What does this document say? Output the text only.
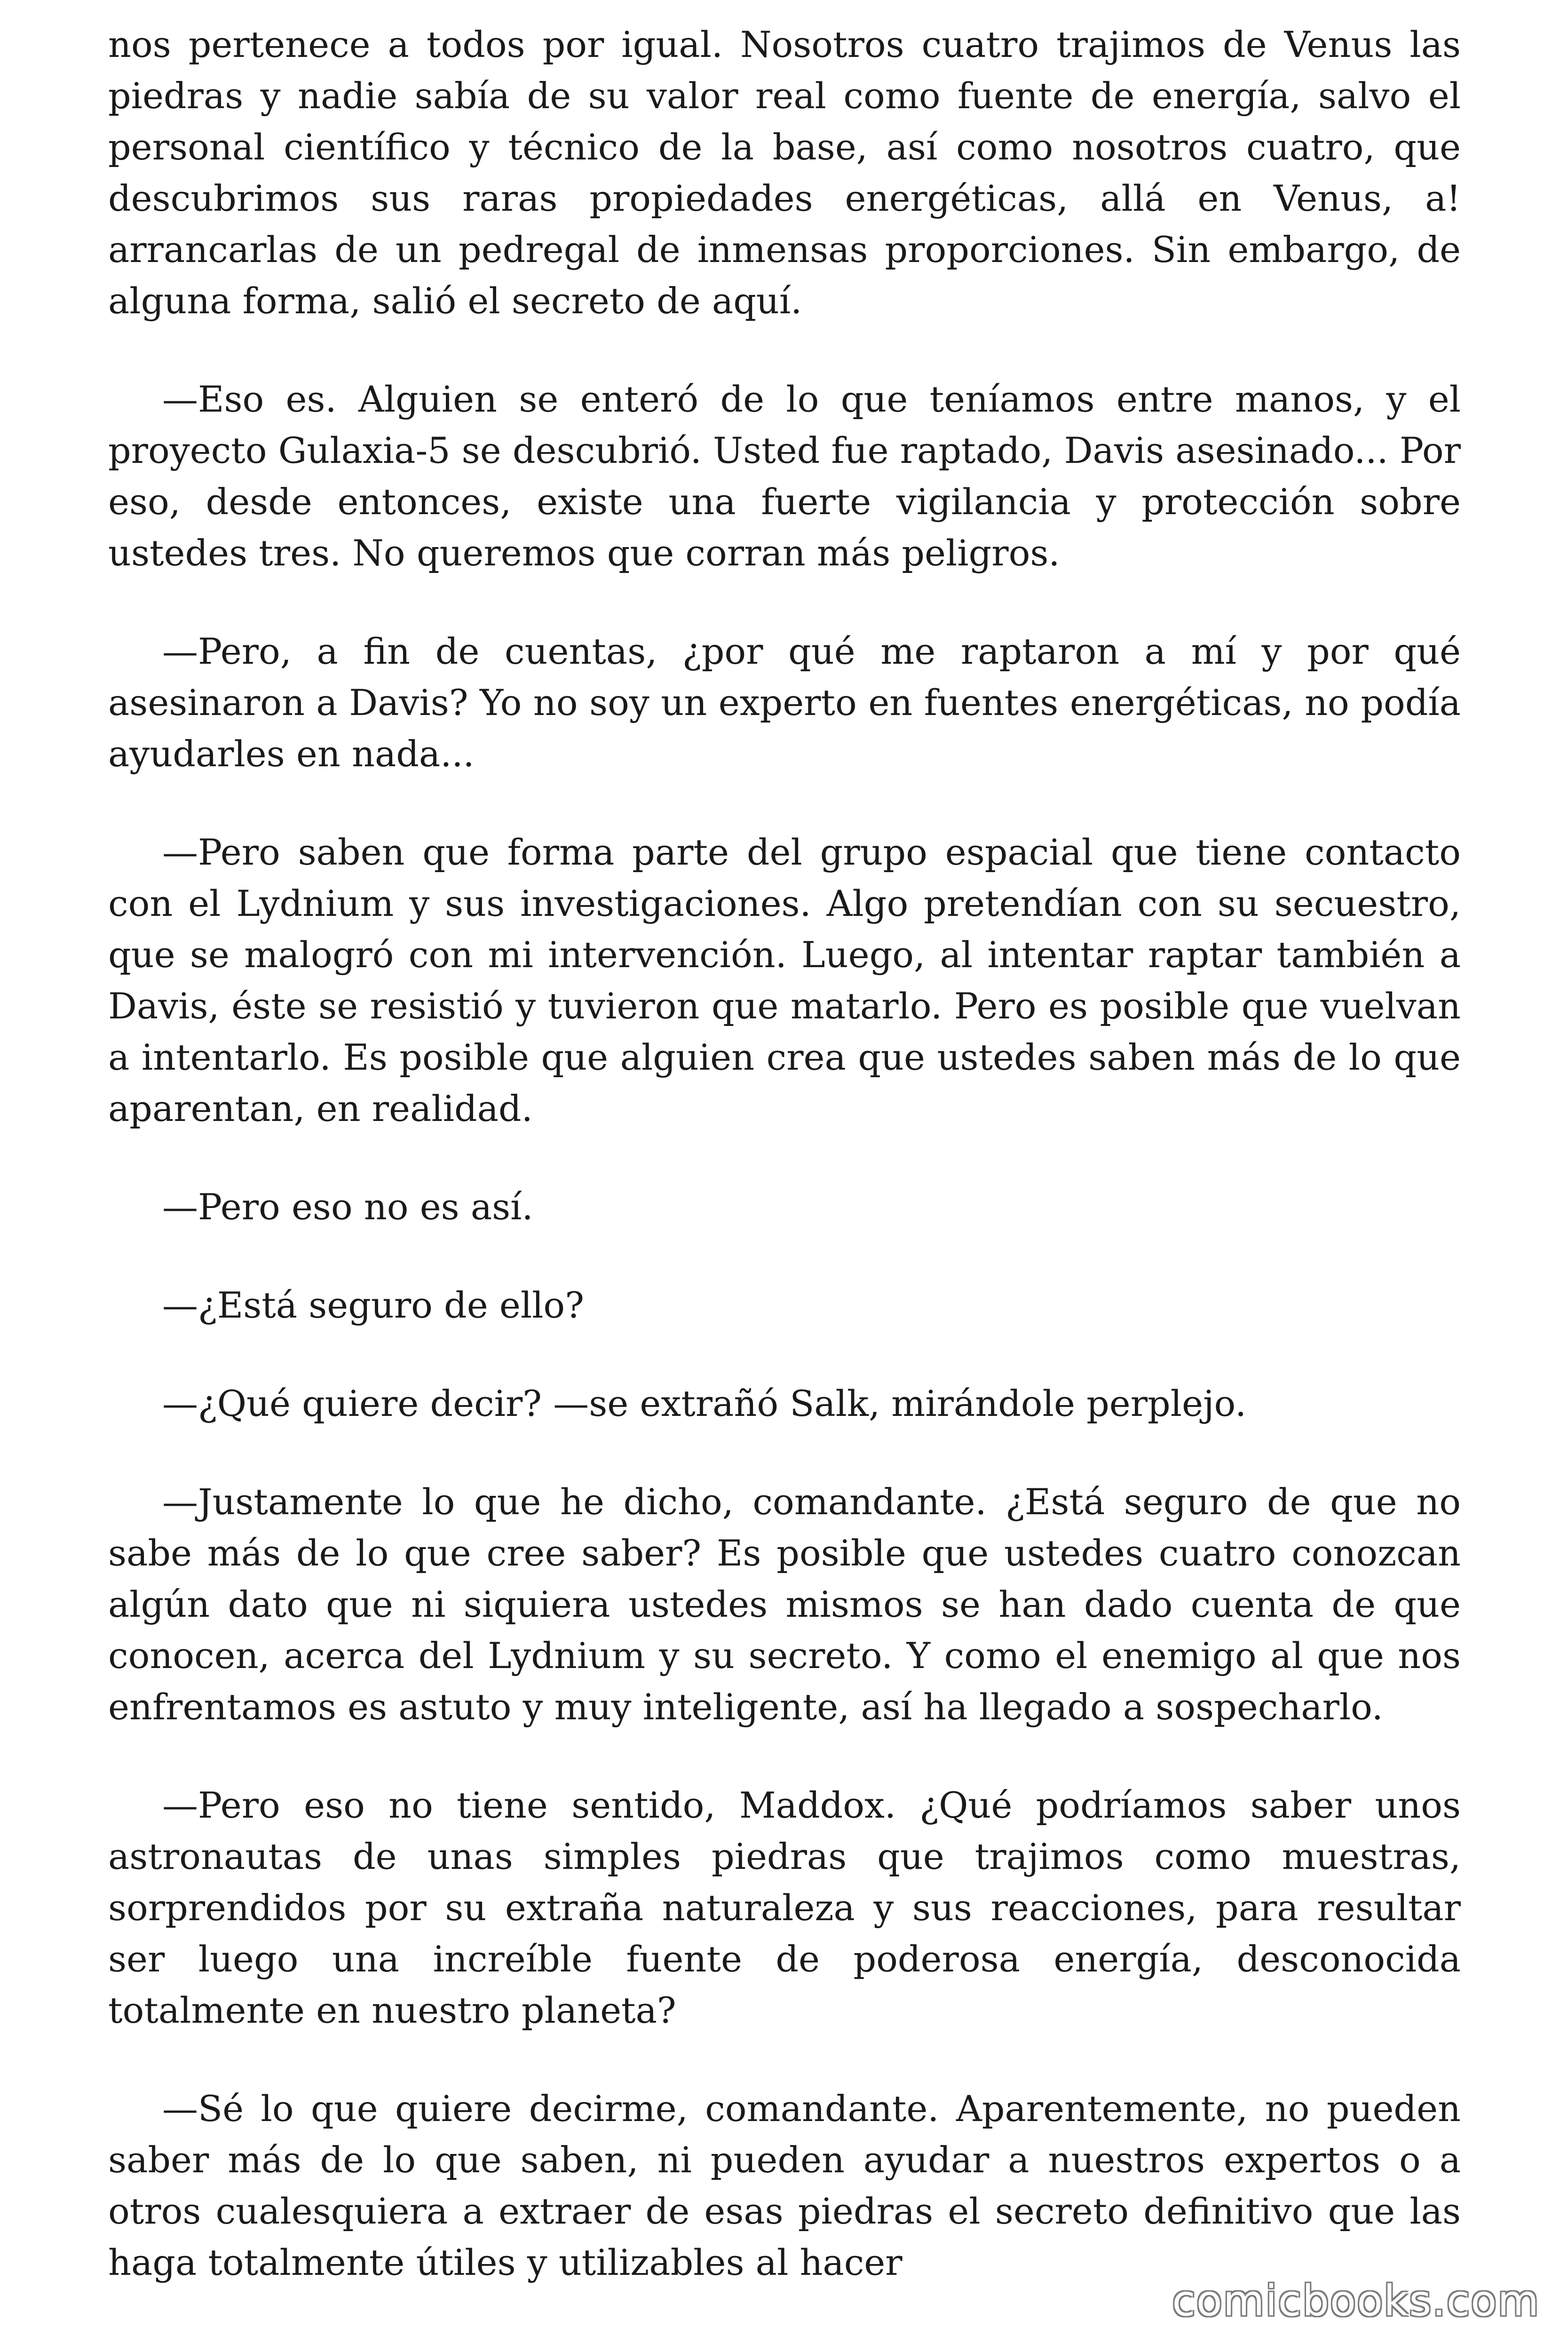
nos pertenece a todos por igual. Nosotros cuatro trajimos de Venus las piedras y nadie sabía de su valor real como fuente de energía, salvo el personal científico y técnico de la base, así como nosotros cuatro, que descubrimos sus raras propiedades energéticas, allá en Venus, a! arrancarlas de un pedregal de inmensas proporciones. Sin embargo, de alguna forma, salió el secreto de aquí.

—Eso es. Alguien se enteró de lo que teníamos entre manos, y el proyecto Gulaxia-5 se descubrió. Usted fue raptado, Davis asesinado... Por eso, desde entonces, existe una fuerte vigilancia y protección sobre ustedes tres. No queremos que corran más peligros.

—Pero, a fin de cuentas, ¿por qué me raptaron a mí y por qué asesinaron a Davis? Yo no soy un experto en fuentes energéticas, no podía ayudarles en nada...

—Pero saben que forma parte del grupo espacial que tiene contacto con el Lydnium y sus investigaciones. Algo pretendían con su secuestro, que se malogró con mi intervención. Luego, al intentar raptar también a Davis, éste se resistió y tuvieron que matarlo. Pero es posible que vuelvan a intentarlo. Es posible que alguien crea que ustedes saben más de lo que aparentan, en realidad.

—Pero eso no es así.

—¿Está seguro de ello?

—¿Qué quiere decir? —se extrañó Salk, mirándole perplejo.

—Justamente lo que he dicho, comandante. ¿Está seguro de que no sabe más de lo que cree saber? Es posible que ustedes cuatro conozcan algún dato que ni siquiera ustedes mismos se han dado cuenta de que conocen, acerca del Lydnium y su secreto. Y como el enemigo al que nos enfrentamos es astuto y muy inteligente, así ha llegado a sospecharlo.

—Pero eso no tiene sentido, Maddox. ¿Qué podríamos saber unos astronautas de unas simples piedras que trajimos como muestras, sorprendidos por su extraña naturaleza y sus reacciones, para resultar ser luego una increíble fuente de poderosa energía, desconocida totalmente en nuestro planeta?

—Sé lo que quiere decirme, comandante. Aparentemente, no pueden saber más de lo que saben, ni pueden ayudar a nuestros expertos o a otros cualesquiera a extraer de esas piedras el secreto definitivo que las haga totalmente útiles y utilizables al hacer

comicbooks.com
